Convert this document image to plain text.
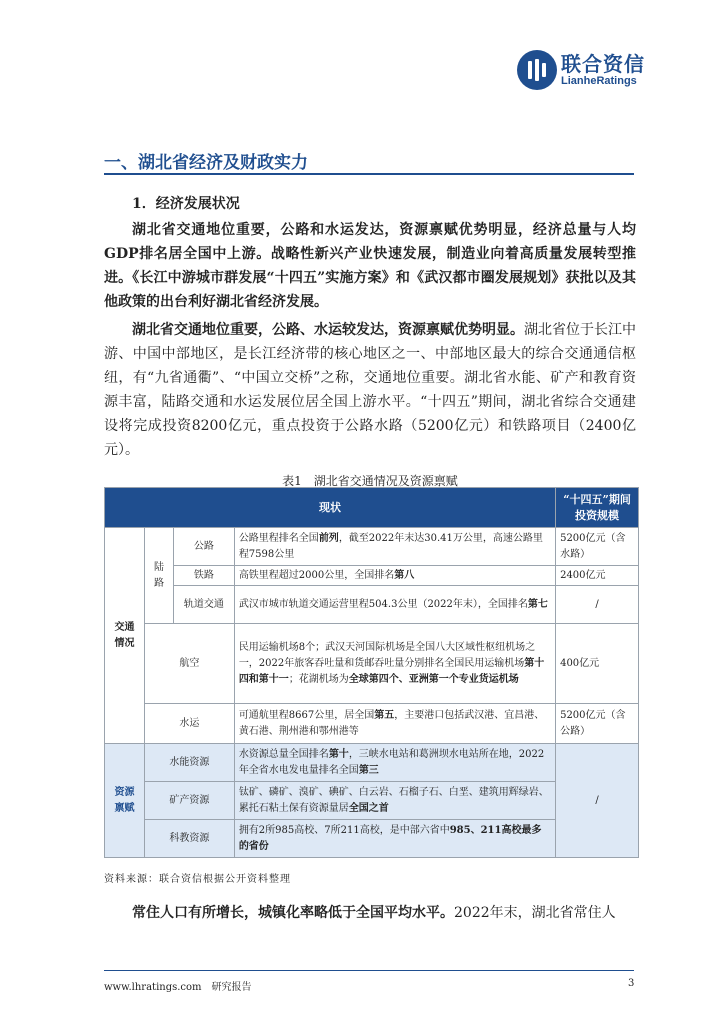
联合资信
LianheRatings
一、湖北省经济及财政实力
1．经济发展状况

湖北省交通地位重要，公路和水运发达，资源禀赋优势明显，经济总量与人均GDP排名居全国中上游。战略性新兴产业快速发展，制造业向着高质量发展转型推进。《长江中游城市群发展“十四五”实施方案》和《武汉都市圈发展规划》获批以及其他政策的出台利好湖北省经济发展。

湖北省交通地位重要，公路、水运较发达，资源禀赋优势明显。湖北省位于长江中游、中国中部地区，是长江经济带的核心地区之一、中部地区最大的综合交通通信枢纽，有“九省通衢”、“中国立交桥”之称，交通地位重要。湖北省水能、矿产和教育资源丰富，陆路交通和水运发展位居全国上游水平。“十四五”期间，湖北省综合交通建设将完成投资8200亿元，重点投资于公路水路（5200亿元）和铁路项目（2400亿元）。

表1　湖北省交通情况及资源禀赋
现状				“十四五”期间投资规模
交通情况	陆路	公路	公路里程排名全国前列，截至2022年末达30.41万公里，高速公路里程7598公里	5200亿元（含水路）
		铁路	高铁里程超过2000公里，全国排名第八	2400亿元
		轨道交通	武汉市城市轨道交通运营里程504.3公里（2022年末），全国排名第七	/
	航空		民用运输机场8个；武汉天河国际机场是全国八大区域性枢纽机场之一，2022年旅客吞吐量和货邮吞吐量分别排名全国民用运输机场第十四和第十一；花湖机场为全球第四个、亚洲第一个专业货运机场	400亿元
	水运		可通航里程8667公里，居全国第五，主要港口包括武汉港、宜昌港、黄石港、荆州港和鄂州港等	5200亿元（含公路）
资源禀赋	水能资源		水资源总量全国排名第十，三峡水电站和葛洲坝水电站所在地，2022年全省水电发电量排名全国第三	/
	矿产资源		钛矿、磷矿、溴矿、碘矿、白云岩、石榴子石、白垩、建筑用辉绿岩、累托石粘土保有资源量居全国之首	
	科教资源		拥有2所985高校、7所211高校，是中部六省中985、211高校最多的省份	
资料来源：联合资信根据公开资料整理

常住人口有所增长，城镇化率略低于全国平均水平。2022年末，湖北省常住人

www.lhratings.com　研究报告	3
